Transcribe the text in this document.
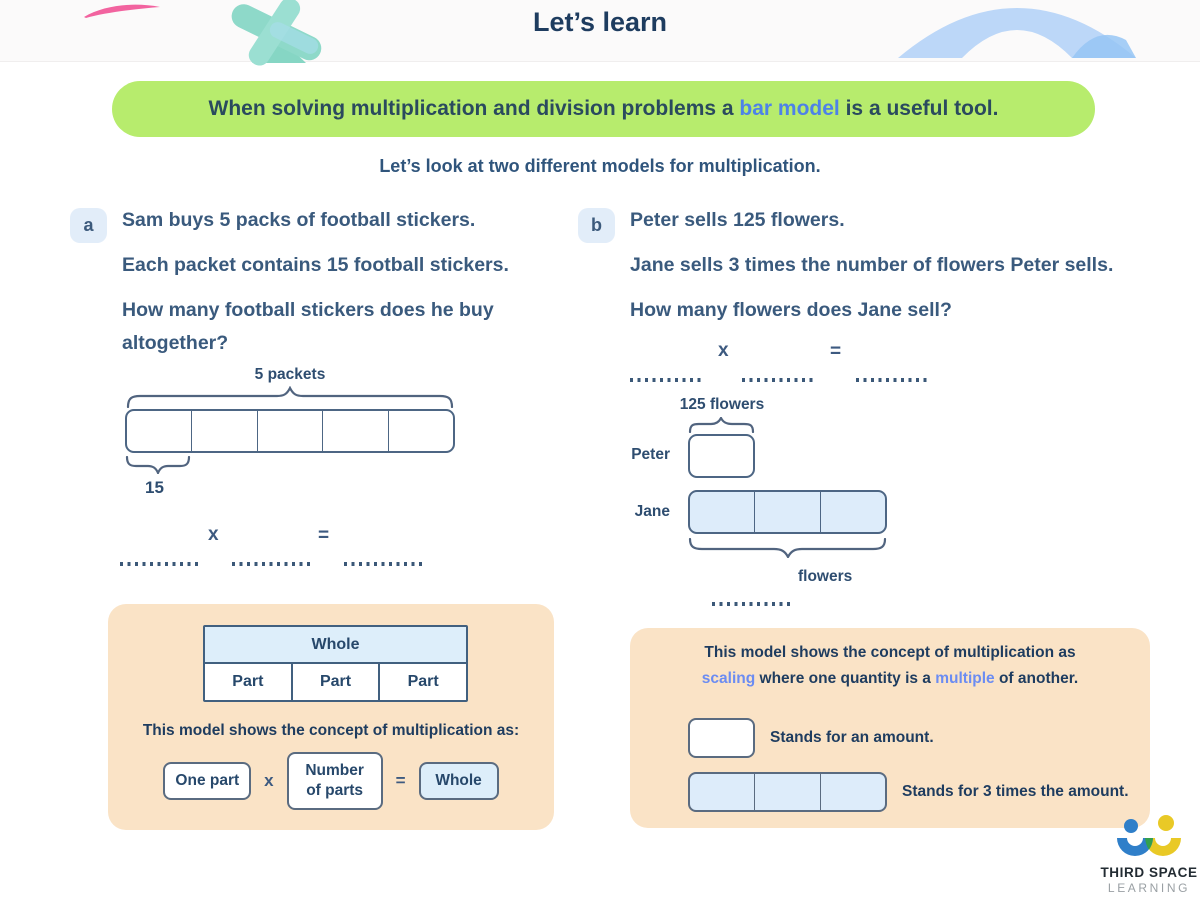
Let’s learn
When solving multiplication and division problems a bar model is a useful tool.
Let’s look at two different models for multiplication.
a	Sam buys 5 packs of football stickers.

Each packet contains 15 football stickers.

How many football stickers does he buy altogether?

5 packets
15
x	=
b	Peter sells 125 flowers.

Jane sells 3 times the number of flowers Peter sells.

How many flowers does Jane sell?

x	=
125 flowers
Peter
Jane
flowers
Whole
Part	Part	Part
This model shows the concept of multiplication as:
One part	x
Number of parts
=	Whole
This model shows the concept of multiplication as
scaling where one quantity is a multiple of another.
Stands for an amount.
Stands for 3 times the amount.
THIRD SPACE
LEARNING
